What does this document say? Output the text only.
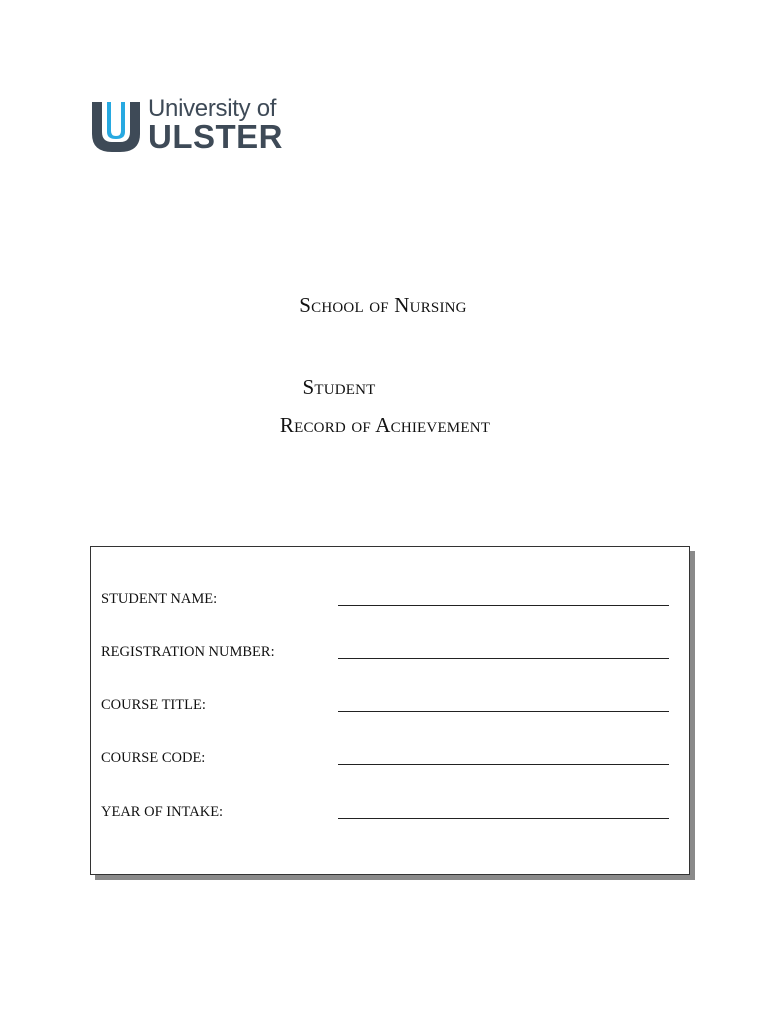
University of
ULSTER
School of Nursing
Student
Record of Achievement
STUDENT NAME:
REGISTRATION NUMBER:
COURSE TITLE:
COURSE CODE:
YEAR OF INTAKE:
